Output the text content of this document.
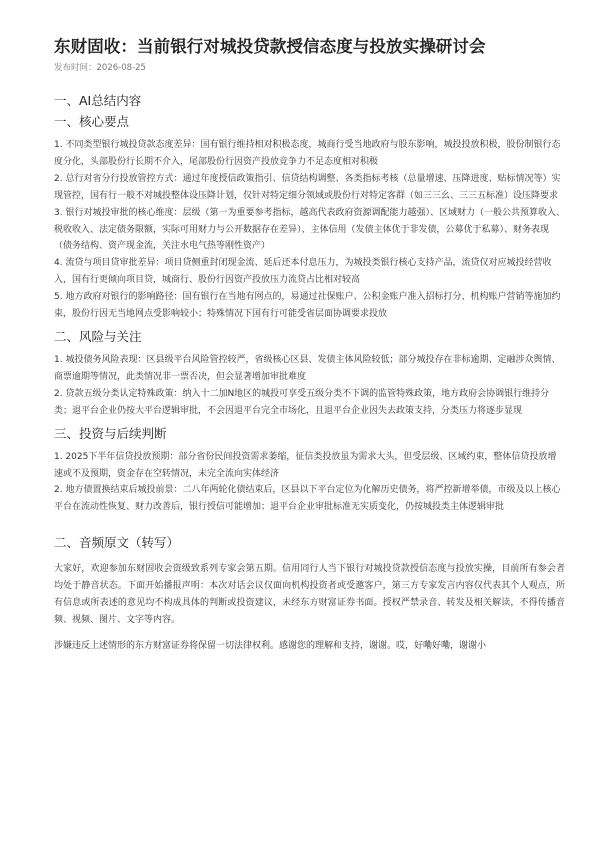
东财固收：当前银行对城投贷款授信态度与投放实操研讨会
发布时间：2026-08-25
一、AI总结内容
一、核心要点

1. 不同类型银行城投贷款态度差异：国有银行维持相对积极态度，城商行受当地政府与股东影响，城投投放积极，股份制银行态度分化，头部股份行长期不介入，尾部股份行因资产投放竞争力不足态度相对积极

2. 总行对省分行投放管控方式：通过年度授信政策指引、信贷结构调整、各类指标考核（总量增速、压降进度、贴标情况等）实现管控，国有行一般不对城投整体设压降计划，仅针对特定细分领域或股份行对特定客群（如三三幺、三三五标准）设压降要求

3. 银行对城投审批的核心维度：层级（第一为重要参考指标，越高代表政府资源调配能力越强）、区域财力（一般公共预算收入、税收收入、法定债务限额，实际可用财力与公开数据存在差异）、主体信用（发债主体优于非发债，公募优于私募）、财务表现（债务结构、资产现金流，关注水电气热等刚性资产）

4. 流贷与项目贷审批差异：项目贷侧重封闭现金流、延后还本付息压力，为城投类银行核心支持产品，流贷仅对应城投经营收入，国有行更倾向项目贷，城商行、股份行因资产投放压力流贷占比相对较高

5. 地方政府对银行的影响路径：国有银行在当地有网点的，易通过社保账户、公积金账户准入招标打分、机构账户营销等施加约束，股份行因无当地网点受影响较小；特殊情况下国有行可能受省层面协调要求投放

二、风险与关注

1. 城投债务风险表现：区县级平台风险管控较严，省级核心区县、发债主体风险较低；部分城投存在非标逾期、定融涉众舆情、商票逾期等情况，此类情况非一票否决，但会显著增加审批难度

2. 贷款五级分类认定特殊政策：纳入十二加N地区的城投可享受五级分类不下调的监管特殊政策，地方政府会协调银行维持分类；退平台企业仍按大平台逻辑审批，不会因退平台完全市场化，且退平台企业因失去政策支持，分类压力将逐步显现

三、投资与后续判断

1. 2025下半年信贷投放预期：部分省份民间投资需求萎缩，征信类投放虽为需求大头，但受层级、区域约束，整体信贷投放增速或不及预期，资金存在空转情况，未完全流向实体经济

2. 地方债置换结束后城投前景：二八年两轮化债结束后，区县以下平台定位为化解历史债务，将严控新增举债，市级及以上核心平台在流动性恢复、财力改善后，银行授信可能增加；退平台企业审批标准无实质变化，仍按城投类主体逻辑审批

二、音频原文（转写）

大家好，欢迎参加东财固收会资级致系列专家会第五期。信用同行人当下银行对城投贷款授信态度与投放实操，目前所有参会者均处于静音状态。下面开始播报声明：本次对话会议仅面向机构投资者或受邀客户，第三方专家发言内容仅代表其个人观点，所有信息或所表述的意见均不构成具体的判断或投资建议，未经东方财富证券书面。授权严禁录音、转发及相关解读，不得传播音频、视频、图片、文字等内容。

涉嫌违反上述情形的东方财富证券将保留一切法律权利。感谢您的理解和支持，谢谢。哎，好嘞好嘞，谢谢小
